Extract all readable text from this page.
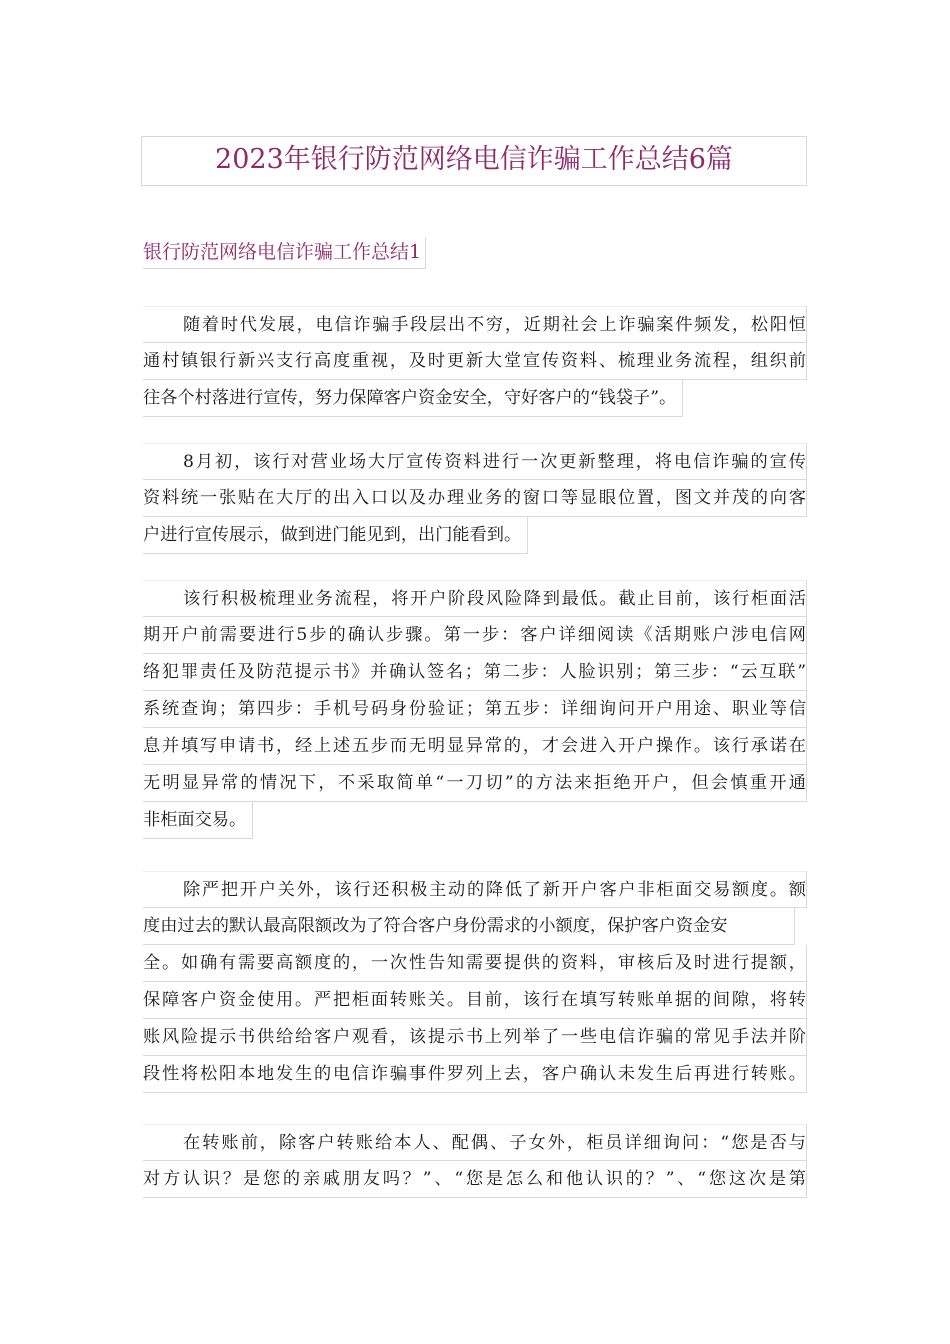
2023年银行防范网络电信诈骗工作总结6篇
银行防范网络电信诈骗工作总结1
随着时代发展，电信诈骗手段层出不穷，近期社会上诈骗案件频发，松阳恒
通村镇银行新兴支行高度重视，及时更新大堂宣传资料、梳理业务流程，组织前
往各个村落进行宣传，努力保障客户资金安全，守好客户的“钱袋子”。
8月初，该行对营业场大厅宣传资料进行一次更新整理，将电信诈骗的宣传
资料统一张贴在大厅的出入口以及办理业务的窗口等显眼位置，图文并茂的向客
户进行宣传展示，做到进门能见到，出门能看到。
该行积极梳理业务流程，将开户阶段风险降到最低。截止目前，该行柜面活
期开户前需要进行5步的确认步骤。第一步：客户详细阅读《活期账户涉电信网
络犯罪责任及防范提示书》并确认签名；第二步：人脸识别；第三步：“云互联”
系统查询；第四步：手机号码身份验证；第五步：详细询问开户用途、职业等信
息并填写申请书，经上述五步而无明显异常的，才会进入开户操作。该行承诺在
无明显异常的情况下，不采取简单“一刀切”的方法来拒绝开户，但会慎重开通
非柜面交易。
除严把开户关外，该行还积极主动的降低了新开户客户非柜面交易额度。额
度由过去的默认最高限额改为了符合客户身份需求的小额度，保护客户资金安
全。如确有需要高额度的，一次性告知需要提供的资料，审核后及时进行提额，
保障客户资金使用。严把柜面转账关。目前，该行在填写转账单据的间隙，将转
账风险提示书供给给客户观看，该提示书上列举了一些电信诈骗的常见手法并阶
段性将松阳本地发生的电信诈骗事件罗列上去，客户确认未发生后再进行转账。
在转账前，除客户转账给本人、配偶、子女外，柜员详细询问：“您是否与
对方认识？是您的亲戚朋友吗？”、“您是怎么和他认识的？”、“您这次是第
